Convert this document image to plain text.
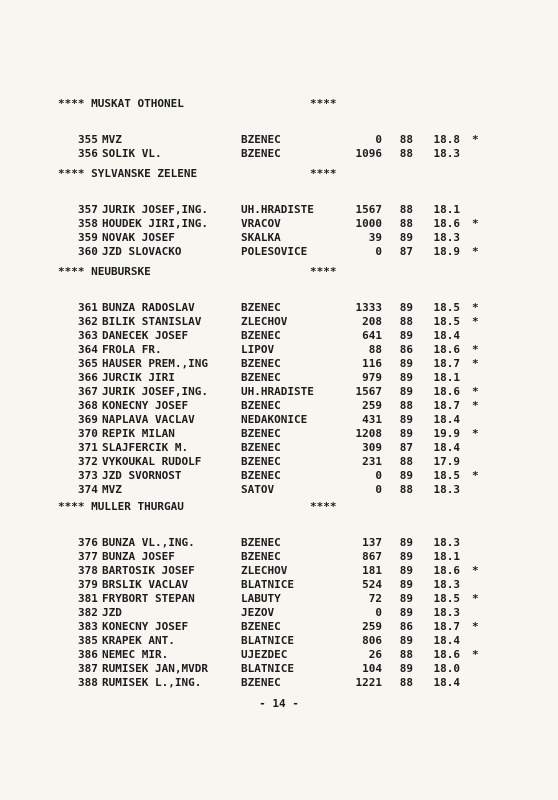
**** MUSKAT OTHONEL	****
355 MVZ	BZENEC	0	88	18.8 *
356 SOLIK VL.	BZENEC	1096	88	18.3
**** SYLVANSKE ZELENE	****
357 JURIK JOSEF,ING.	UH.HRADISTE	1567	88	18.1
358 HOUDEK JIRI,ING.	VRACOV	1000	88	18.6 *
359 NOVAK JOSEF	SKALKA	39	89	18.3
360 JZD SLOVACKO	POLESOVICE	0	87	18.9 *
**** NEUBURSKE	****
361 BUNZA RADOSLAV	BZENEC	1333	89	18.5 *
362 BILIK STANISLAV	ZLECHOV	208	88	18.5 *
363 DANECEK JOSEF	BZENEC	641	89	18.4
364 FROLA FR.	LIPOV	88	86	18.6 *
365 HAUSER PREM.,ING	BZENEC	116	89	18.7 *
366 JURCIK JIRI	BZENEC	979	89	18.1
367 JURIK JOSEF,ING.	UH.HRADISTE	1567	89	18.6 *
368 KONECNY JOSEF	BZENEC	259	88	18.7 *
369 NAPLAVA VACLAV	NEDAKONICE	431	89	18.4
370 REPIK MILAN	BZENEC	1208	89	19.9 *
371 SLAJFERCIK M.	BZENEC	309	87	18.4
372 VYKOUKAL RUDOLF	BZENEC	231	88	17.9
373 JZD SVORNOST	BZENEC	0	89	18.5 *
374 MVZ	SATOV	0	88	18.3
**** MULLER THURGAU	****
376 BUNZA VL.,ING.	BZENEC	137	89	18.3
377 BUNZA JOSEF	BZENEC	867	89	18.1
378 BARTOSIK JOSEF	ZLECHOV	181	89	18.6 *
379 BRSLIK VACLAV	BLATNICE	524	89	18.3
381 FRYBORT STEPAN	LABUTY	72	89	18.5 *
382 JZD	JEZOV	0	89	18.3
383 KONECNY JOSEF	BZENEC	259	86	18.7 *
385 KRAPEK ANT.	BLATNICE	806	89	18.4
386 NEMEC MIR.	UJEZDEC	26	88	18.6 *
387 RUMISEK JAN,MVDR	BLATNICE	104	89	18.0
388 RUMISEK L.,ING.	BZENEC	1221	88	18.4
- 14 -
